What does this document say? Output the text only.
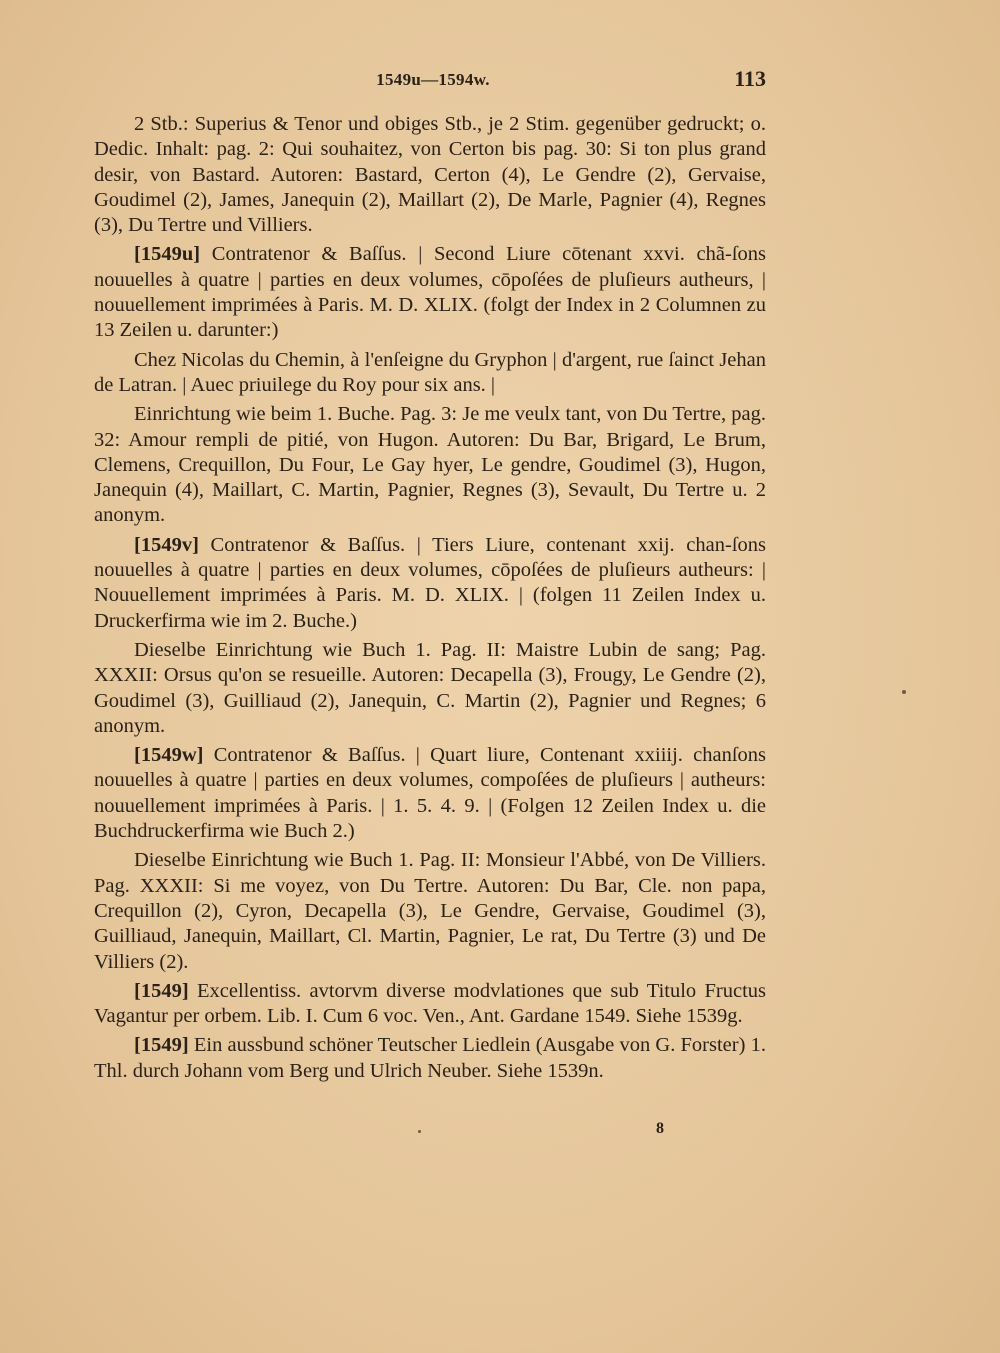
1549u—1594w.	113

2 Stb.: Superius & Tenor und obiges Stb., je 2 Stim. gegenüber gedruckt; o. Dedic. Inhalt: pag. 2: Qui souhaitez, von Certon bis pag. 30: Si ton plus grand desir, von Bastard. Autoren: Bastard, Certon (4), Le Gendre (2), Gervaise, Goudimel (2), James, Janequin (2), Maillart (2), De Marle, Pagnier (4), Regnes (3), Du Tertre und Villiers.

[1549u] Contratenor & Baſſus. | Second Liure cōtenant xxvi. chã-ſons nouuelles à quatre | parties en deux volumes, cōpoſées de pluſieurs autheurs, | nouuellement imprimées à Paris. M. D. XLIX. (folgt der Index in 2 Columnen zu 13 Zeilen u. darunter:)

Chez Nicolas du Chemin, à l'enſeigne du Gryphon | d'argent, rue ſainct Jehan de Latran. | Auec priuilege du Roy pour six ans. |

Einrichtung wie beim 1. Buche. Pag. 3: Je me veulx tant, von Du Tertre, pag. 32: Amour rempli de pitié, von Hugon. Autoren: Du Bar, Brigard, Le Brum, Clemens, Crequillon, Du Four, Le Gay hyer, Le gendre, Goudimel (3), Hugon, Janequin (4), Maillart, C. Martin, Pagnier, Regnes (3), Sevault, Du Tertre u. 2 anonym.

[1549v] Contratenor & Baſſus. | Tiers Liure, contenant xxij. chan-ſons nouuelles à quatre | parties en deux volumes, cōpoſées de pluſieurs autheurs: | Nouuellement imprimées à Paris. M. D. XLIX. | (folgen 11 Zeilen Index u. Druckerfirma wie im 2. Buche.)

Dieselbe Einrichtung wie Buch 1. Pag. II: Maistre Lubin de sang; Pag. XXXII: Orsus qu'on se resueille. Autoren: Decapella (3), Frougy, Le Gendre (2), Goudimel (3), Guilliaud (2), Janequin, C. Martin (2), Pagnier und Regnes; 6 anonym.

[1549w] Contratenor & Baſſus. | Quart liure, Contenant xxiiij. chanſons nouuelles à quatre | parties en deux volumes, compoſées de pluſieurs | autheurs: nouuellement imprimées à Paris. | 1. 5. 4. 9. | (Folgen 12 Zeilen Index u. die Buchdruckerfirma wie Buch 2.)

Dieselbe Einrichtung wie Buch 1. Pag. II: Monsieur l'Abbé, von De Villiers. Pag. XXXII: Si me voyez, von Du Tertre. Autoren: Du Bar, Cle. non papa, Crequillon (2), Cyron, Decapella (3), Le Gendre, Gervaise, Goudimel (3), Guilliaud, Janequin, Maillart, Cl. Martin, Pagnier, Le rat, Du Tertre (3) und De Villiers (2).

[1549] Excellentiss. avtorvm diverse modvlationes que sub Titulo Fructus Vagantur per orbem. Lib. I. Cum 6 voc. Ven., Ant. Gardane 1549. Siehe 1539g.

[1549] Ein aussbund schöner Teutscher Liedlein (Ausgabe von G. Forster) 1. Thl. durch Johann vom Berg und Ulrich Neuber. Siehe 1539n.

8
